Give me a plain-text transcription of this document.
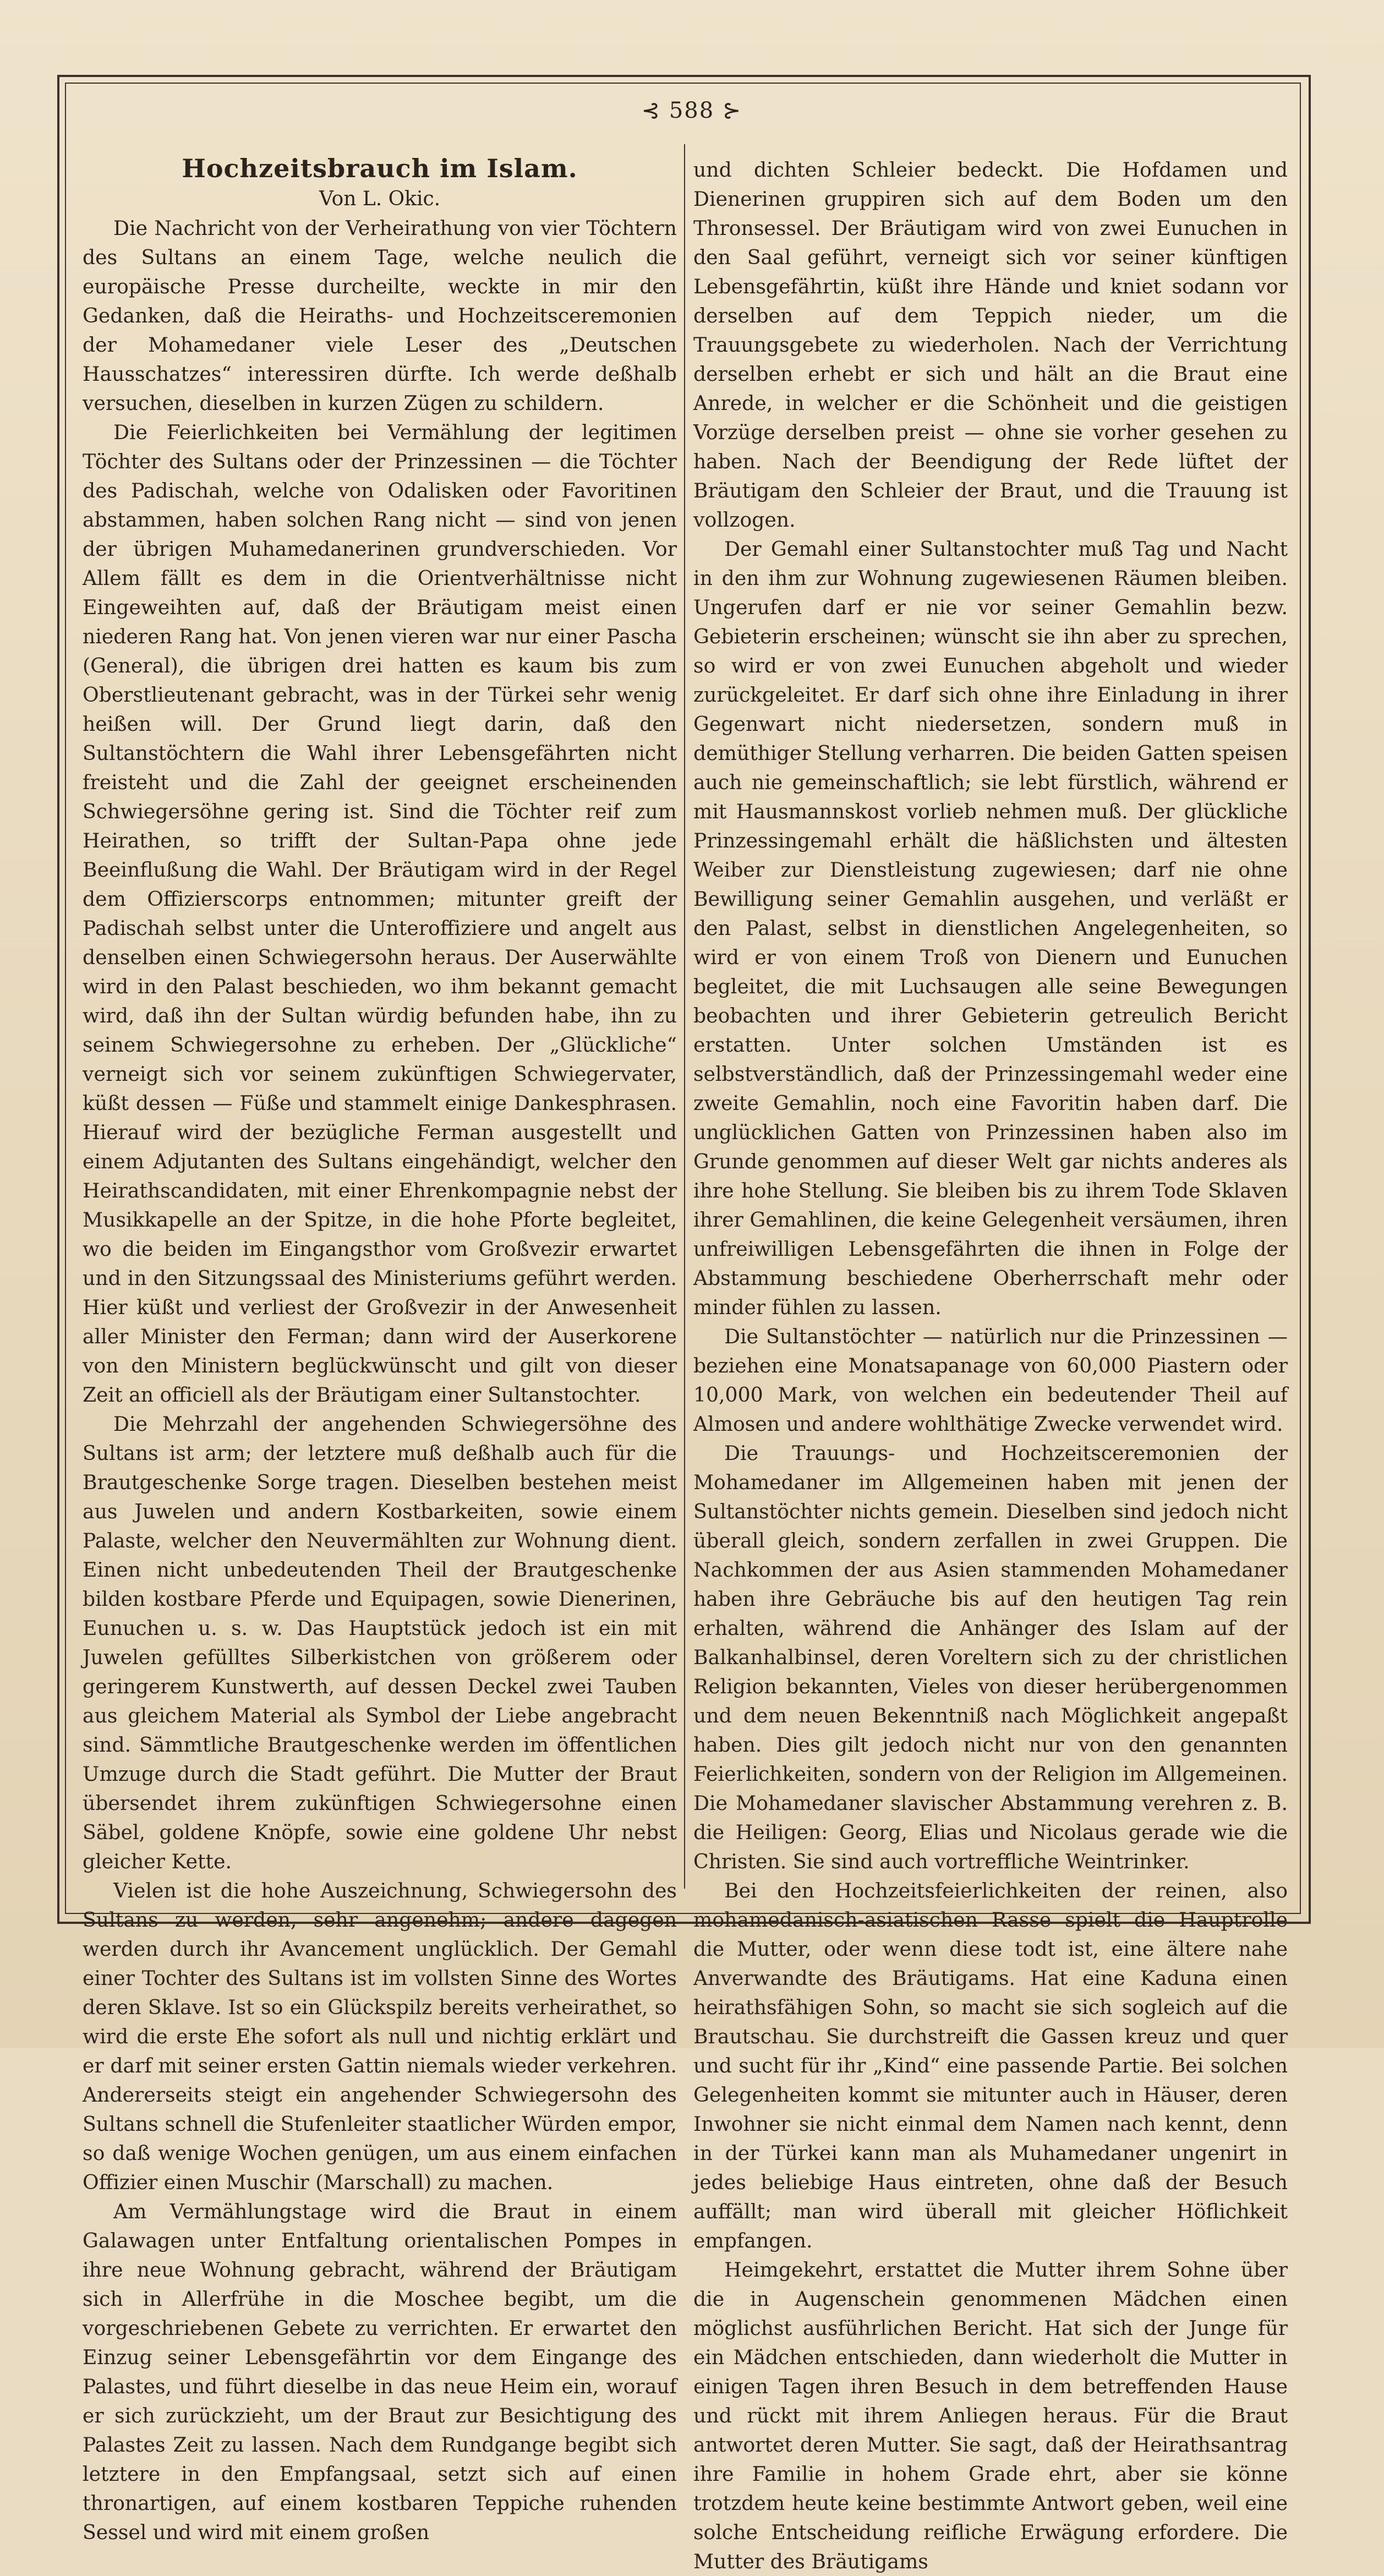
⊰ 588 ⊱
Hochzeitsbrauch im Islam.
Von L. Okic.

Die Nachricht von der Verheirathung von vier Töchtern des Sultans an einem Tage, welche neulich die europäische Presse durcheilte, weckte in mir den Gedanken, daß die Heiraths- und Hochzeitsceremonien der Mohamedaner viele Leser des „Deutschen Hausschatzes“ interessiren dürfte. Ich werde deßhalb versuchen, dieselben in kurzen Zügen zu schildern.

Die Feierlichkeiten bei Vermählung der legitimen Töchter des Sultans oder der Prinzessinen — die Töchter des Padischah, welche von Odalisken oder Favoritinen abstammen, haben solchen Rang nicht — sind von jenen der übrigen Muhamedanerinen grundverschieden. Vor Allem fällt es dem in die Orientverhältnisse nicht Eingeweihten auf, daß der Bräutigam meist einen niederen Rang hat. Von jenen vieren war nur einer Pascha (General), die übrigen drei hatten es kaum bis zum Oberstlieutenant gebracht, was in der Türkei sehr wenig heißen will. Der Grund liegt darin, daß den Sultanstöchtern die Wahl ihrer Lebensgefährten nicht freisteht und die Zahl der geeignet erscheinenden Schwiegersöhne gering ist. Sind die Töchter reif zum Heirathen, so trifft der Sultan-Papa ohne jede Beeinflußung die Wahl. Der Bräutigam wird in der Regel dem Offizierscorps entnommen; mitunter greift der Padischah selbst unter die Unteroffiziere und angelt aus denselben einen Schwiegersohn heraus. Der Auserwählte wird in den Palast beschieden, wo ihm bekannt gemacht wird, daß ihn der Sultan würdig befunden habe, ihn zu seinem Schwiegersohne zu erheben. Der „Glückliche“ verneigt sich vor seinem zukünftigen Schwiegervater, küßt dessen — Füße und stammelt einige Dankesphrasen. Hierauf wird der bezügliche Ferman ausgestellt und einem Adjutanten des Sultans eingehändigt, welcher den Heirathscandidaten, mit einer Ehrenkompagnie nebst der Musikkapelle an der Spitze, in die hohe Pforte begleitet, wo die beiden im Eingangsthor vom Großvezir erwartet und in den Sitzungssaal des Ministeriums geführt werden. Hier küßt und verliest der Großvezir in der Anwesenheit aller Minister den Ferman; dann wird der Auserkorene von den Ministern beglückwünscht und gilt von dieser Zeit an officiell als der Bräutigam einer Sultanstochter.

Die Mehrzahl der angehenden Schwiegersöhne des Sultans ist arm; der letztere muß deßhalb auch für die Brautgeschenke Sorge tragen. Dieselben bestehen meist aus Juwelen und andern Kostbarkeiten, sowie einem Palaste, welcher den Neuvermählten zur Wohnung dient. Einen nicht unbedeutenden Theil der Brautgeschenke bilden kostbare Pferde und Equipagen, sowie Dienerinen, Eunuchen u. s. w. Das Hauptstück jedoch ist ein mit Juwelen gefülltes Silberkistchen von größerem oder geringerem Kunstwerth, auf dessen Deckel zwei Tauben aus gleichem Material als Symbol der Liebe angebracht sind. Sämmtliche Brautgeschenke werden im öffentlichen Umzuge durch die Stadt geführt. Die Mutter der Braut übersendet ihrem zukünftigen Schwiegersohne einen Säbel, goldene Knöpfe, sowie eine goldene Uhr nebst gleicher Kette.

Vielen ist die hohe Auszeichnung, Schwiegersohn des Sultans zu werden, sehr angenehm; andere dagegen werden durch ihr Avancement unglücklich. Der Gemahl einer Tochter des Sultans ist im vollsten Sinne des Wortes deren Sklave. Ist so ein Glückspilz bereits verheirathet, so wird die erste Ehe sofort als null und nichtig erklärt und er darf mit seiner ersten Gattin niemals wieder verkehren. Andererseits steigt ein angehender Schwiegersohn des Sultans schnell die Stufenleiter staatlicher Würden empor, so daß wenige Wochen genügen, um aus einem einfachen Offizier einen Muschir (Marschall) zu machen.

Am Vermählungstage wird die Braut in einem Galawagen unter Entfaltung orientalischen Pompes in ihre neue Wohnung gebracht, während der Bräutigam sich in Allerfrühe in die Moschee begibt, um die vorgeschriebenen Gebete zu verrichten. Er erwartet den Einzug seiner Lebensgefährtin vor dem Eingange des Palastes, und führt dieselbe in das neue Heim ein, worauf er sich zurückzieht, um der Braut zur Besichtigung des Palastes Zeit zu lassen. Nach dem Rundgange begibt sich letztere in den Empfangsaal, setzt sich auf einen thronartigen, auf einem kostbaren Teppiche ruhenden Sessel und wird mit einem großen

und dichten Schleier bedeckt. Die Hofdamen und Dienerinen gruppiren sich auf dem Boden um den Thronsessel. Der Bräutigam wird von zwei Eunuchen in den Saal geführt, verneigt sich vor seiner künftigen Lebensgefährtin, küßt ihre Hände und kniet sodann vor derselben auf dem Teppich nieder, um die Trauungsgebete zu wiederholen. Nach der Verrichtung derselben erhebt er sich und hält an die Braut eine Anrede, in welcher er die Schönheit und die geistigen Vorzüge derselben preist — ohne sie vorher gesehen zu haben. Nach der Beendigung der Rede lüftet der Bräutigam den Schleier der Braut, und die Trauung ist vollzogen.

Der Gemahl einer Sultanstochter muß Tag und Nacht in den ihm zur Wohnung zugewiesenen Räumen bleiben. Ungerufen darf er nie vor seiner Gemahlin bezw. Gebieterin erscheinen; wünscht sie ihn aber zu sprechen, so wird er von zwei Eunuchen abgeholt und wieder zurückgeleitet. Er darf sich ohne ihre Einladung in ihrer Gegenwart nicht niedersetzen, sondern muß in demüthiger Stellung verharren. Die beiden Gatten speisen auch nie gemeinschaftlich; sie lebt fürstlich, während er mit Hausmannskost vorlieb nehmen muß. Der glückliche Prinzessingemahl erhält die häßlichsten und ältesten Weiber zur Dienstleistung zugewiesen; darf nie ohne Bewilligung seiner Gemahlin ausgehen, und verläßt er den Palast, selbst in dienstlichen Angelegenheiten, so wird er von einem Troß von Dienern und Eunuchen begleitet, die mit Luchsaugen alle seine Bewegungen beobachten und ihrer Gebieterin getreulich Bericht erstatten. Unter solchen Umständen ist es selbstverständlich, daß der Prinzessingemahl weder eine zweite Gemahlin, noch eine Favoritin haben darf. Die unglücklichen Gatten von Prinzessinen haben also im Grunde genommen auf dieser Welt gar nichts anderes als ihre hohe Stellung. Sie bleiben bis zu ihrem Tode Sklaven ihrer Gemahlinen, die keine Gelegenheit versäumen, ihren unfreiwilligen Lebensgefährten die ihnen in Folge der Abstammung beschiedene Oberherrschaft mehr oder minder fühlen zu lassen.

Die Sultanstöchter — natürlich nur die Prinzessinen — beziehen eine Monatsapanage von 60,000 Piastern oder 10,000 Mark, von welchen ein bedeutender Theil auf Almosen und andere wohlthätige Zwecke verwendet wird.

Die Trauungs- und Hochzeitsceremonien der Mohamedaner im Allgemeinen haben mit jenen der Sultanstöchter nichts gemein. Dieselben sind jedoch nicht überall gleich, sondern zerfallen in zwei Gruppen. Die Nachkommen der aus Asien stammenden Mohamedaner haben ihre Gebräuche bis auf den heutigen Tag rein erhalten, während die Anhänger des Islam auf der Balkanhalbinsel, deren Voreltern sich zu der christlichen Religion bekannten, Vieles von dieser herübergenommen und dem neuen Bekenntniß nach Möglichkeit angepaßt haben. Dies gilt jedoch nicht nur von den genannten Feierlichkeiten, sondern von der Religion im Allgemeinen. Die Mohamedaner slavischer Abstammung verehren z. B. die Heiligen: Georg, Elias und Nicolaus gerade wie die Christen. Sie sind auch vortreffliche Weintrinker.

Bei den Hochzeitsfeierlichkeiten der reinen, also mohamedanisch-asiatischen Rasse spielt die Hauptrolle die Mutter, oder wenn diese todt ist, eine ältere nahe Anverwandte des Bräutigams. Hat eine Kaduna einen heirathsfähigen Sohn, so macht sie sich sogleich auf die Brautschau. Sie durchstreift die Gassen kreuz und quer und sucht für ihr „Kind“ eine passende Partie. Bei solchen Gelegenheiten kommt sie mitunter auch in Häuser, deren Inwohner sie nicht einmal dem Namen nach kennt, denn in der Türkei kann man als Muhamedaner ungenirt in jedes beliebige Haus eintreten, ohne daß der Besuch auffällt; man wird überall mit gleicher Höflichkeit empfangen.

Heimgekehrt, erstattet die Mutter ihrem Sohne über die in Augenschein genommenen Mädchen einen möglichst ausführlichen Bericht. Hat sich der Junge für ein Mädchen entschieden, dann wiederholt die Mutter in einigen Tagen ihren Besuch in dem betreffenden Hause und rückt mit ihrem Anliegen heraus. Für die Braut antwortet deren Mutter. Sie sagt, daß der Heirathsantrag ihre Familie in hohem Grade ehrt, aber sie könne trotzdem heute keine bestimmte Antwort geben, weil eine solche Entscheidung reifliche Erwägung erfordere. Die Mutter des Bräutigams
